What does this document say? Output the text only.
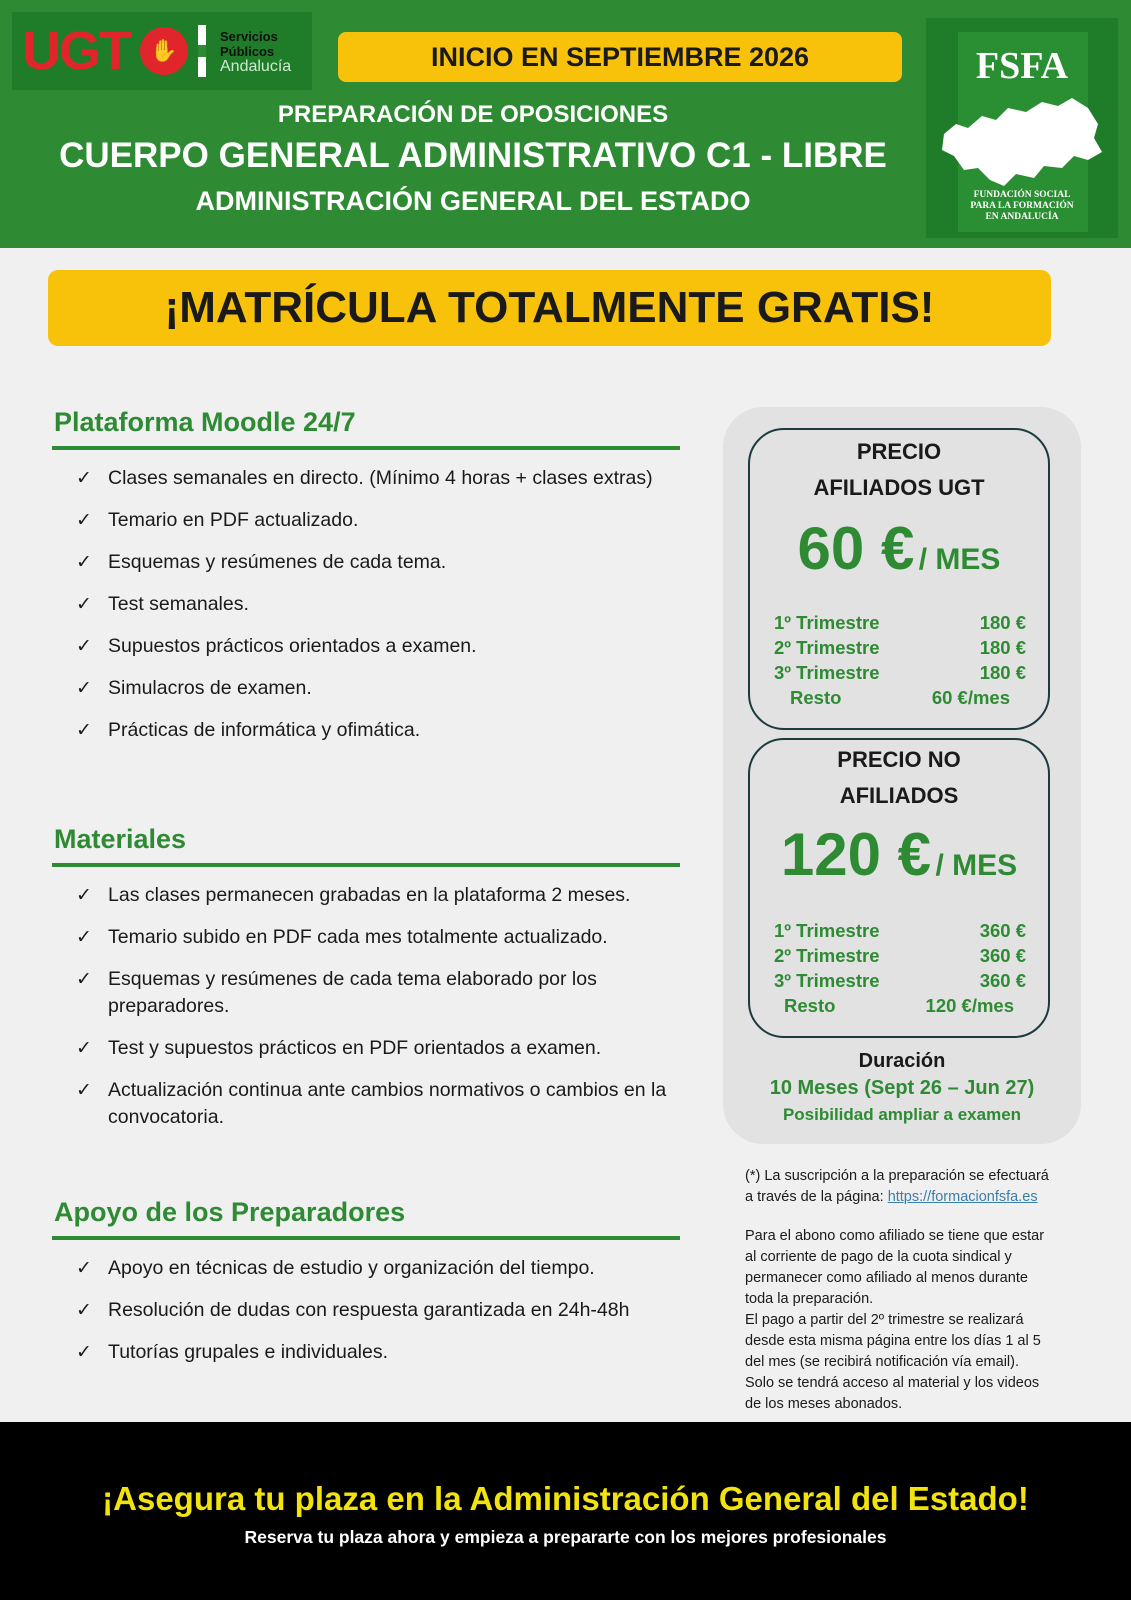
UGT ✋
Servicios
Públicos
Andalucía	INICIO EN SEPTIEMBRE 2026
PREPARACIÓN DE OPOSICIONES
CUERPO GENERAL ADMINISTRATIVO C1 - LIBRE
ADMINISTRACIÓN GENERAL DEL ESTADO
FSFA
FUNDACIÓN SOCIAL
PARA LA FORMACIÓN
EN ANDALUCÍA
¡MATRÍCULA TOTALMENTE GRATIS!
Plataforma Moodle 24/7
✓ Clases semanales en directo. (Mínimo 4 horas + clases extras)
✓ Temario en PDF actualizado.
✓ Esquemas y resúmenes de cada tema.
✓ Test semanales.
✓ Supuestos prácticos orientados a examen.
✓ Simulacros de examen.
✓ Prácticas de informática y ofimática.
Materiales
✓ Las clases permanecen grabadas en la plataforma 2 meses.
✓ Temario subido en PDF cada mes totalmente actualizado.
✓ Esquemas y resúmenes de cada tema elaborado por los preparadores.
✓ Test y supuestos prácticos en PDF orientados a examen.
✓ Actualización continua ante cambios normativos o cambios en la convocatoria.
Apoyo de los Preparadores
✓ Apoyo en técnicas de estudio y organización del tiempo.
✓ Resolución de dudas con respuesta garantizada en 24h-48h
✓ Tutorías grupales e individuales.
PRECIO
AFILIADOS UGT
60 € / MES
1º Trimestre	180 €
2º Trimestre	180 €
3º Trimestre	180 €
Resto	60 €/mes
PRECIO NO
AFILIADOS
120 € / MES
1º Trimestre	360 €
2º Trimestre	360 €
3º Trimestre	360 €
Resto	120 €/mes
Duración
10 Meses (Sept 26 – Jun 27)
Posibilidad ampliar a examen
(*) La suscripción a la preparación se efectuará
a través de la página: https://formacionfsfa.es
Para el abono como afiliado se tiene que estar
al corriente de pago de la cuota sindical y
permanecer como afiliado al menos durante
toda la preparación.
El pago a partir del 2º trimestre se realizará
desde esta misma página entre los días 1 al 5
del mes (se recibirá notificación vía email).
Solo se tendrá acceso al material y los videos
de los meses abonados.
¡Asegura tu plaza en la Administración General del Estado!
Reserva tu plaza ahora y empieza a prepararte con los mejores profesionales
